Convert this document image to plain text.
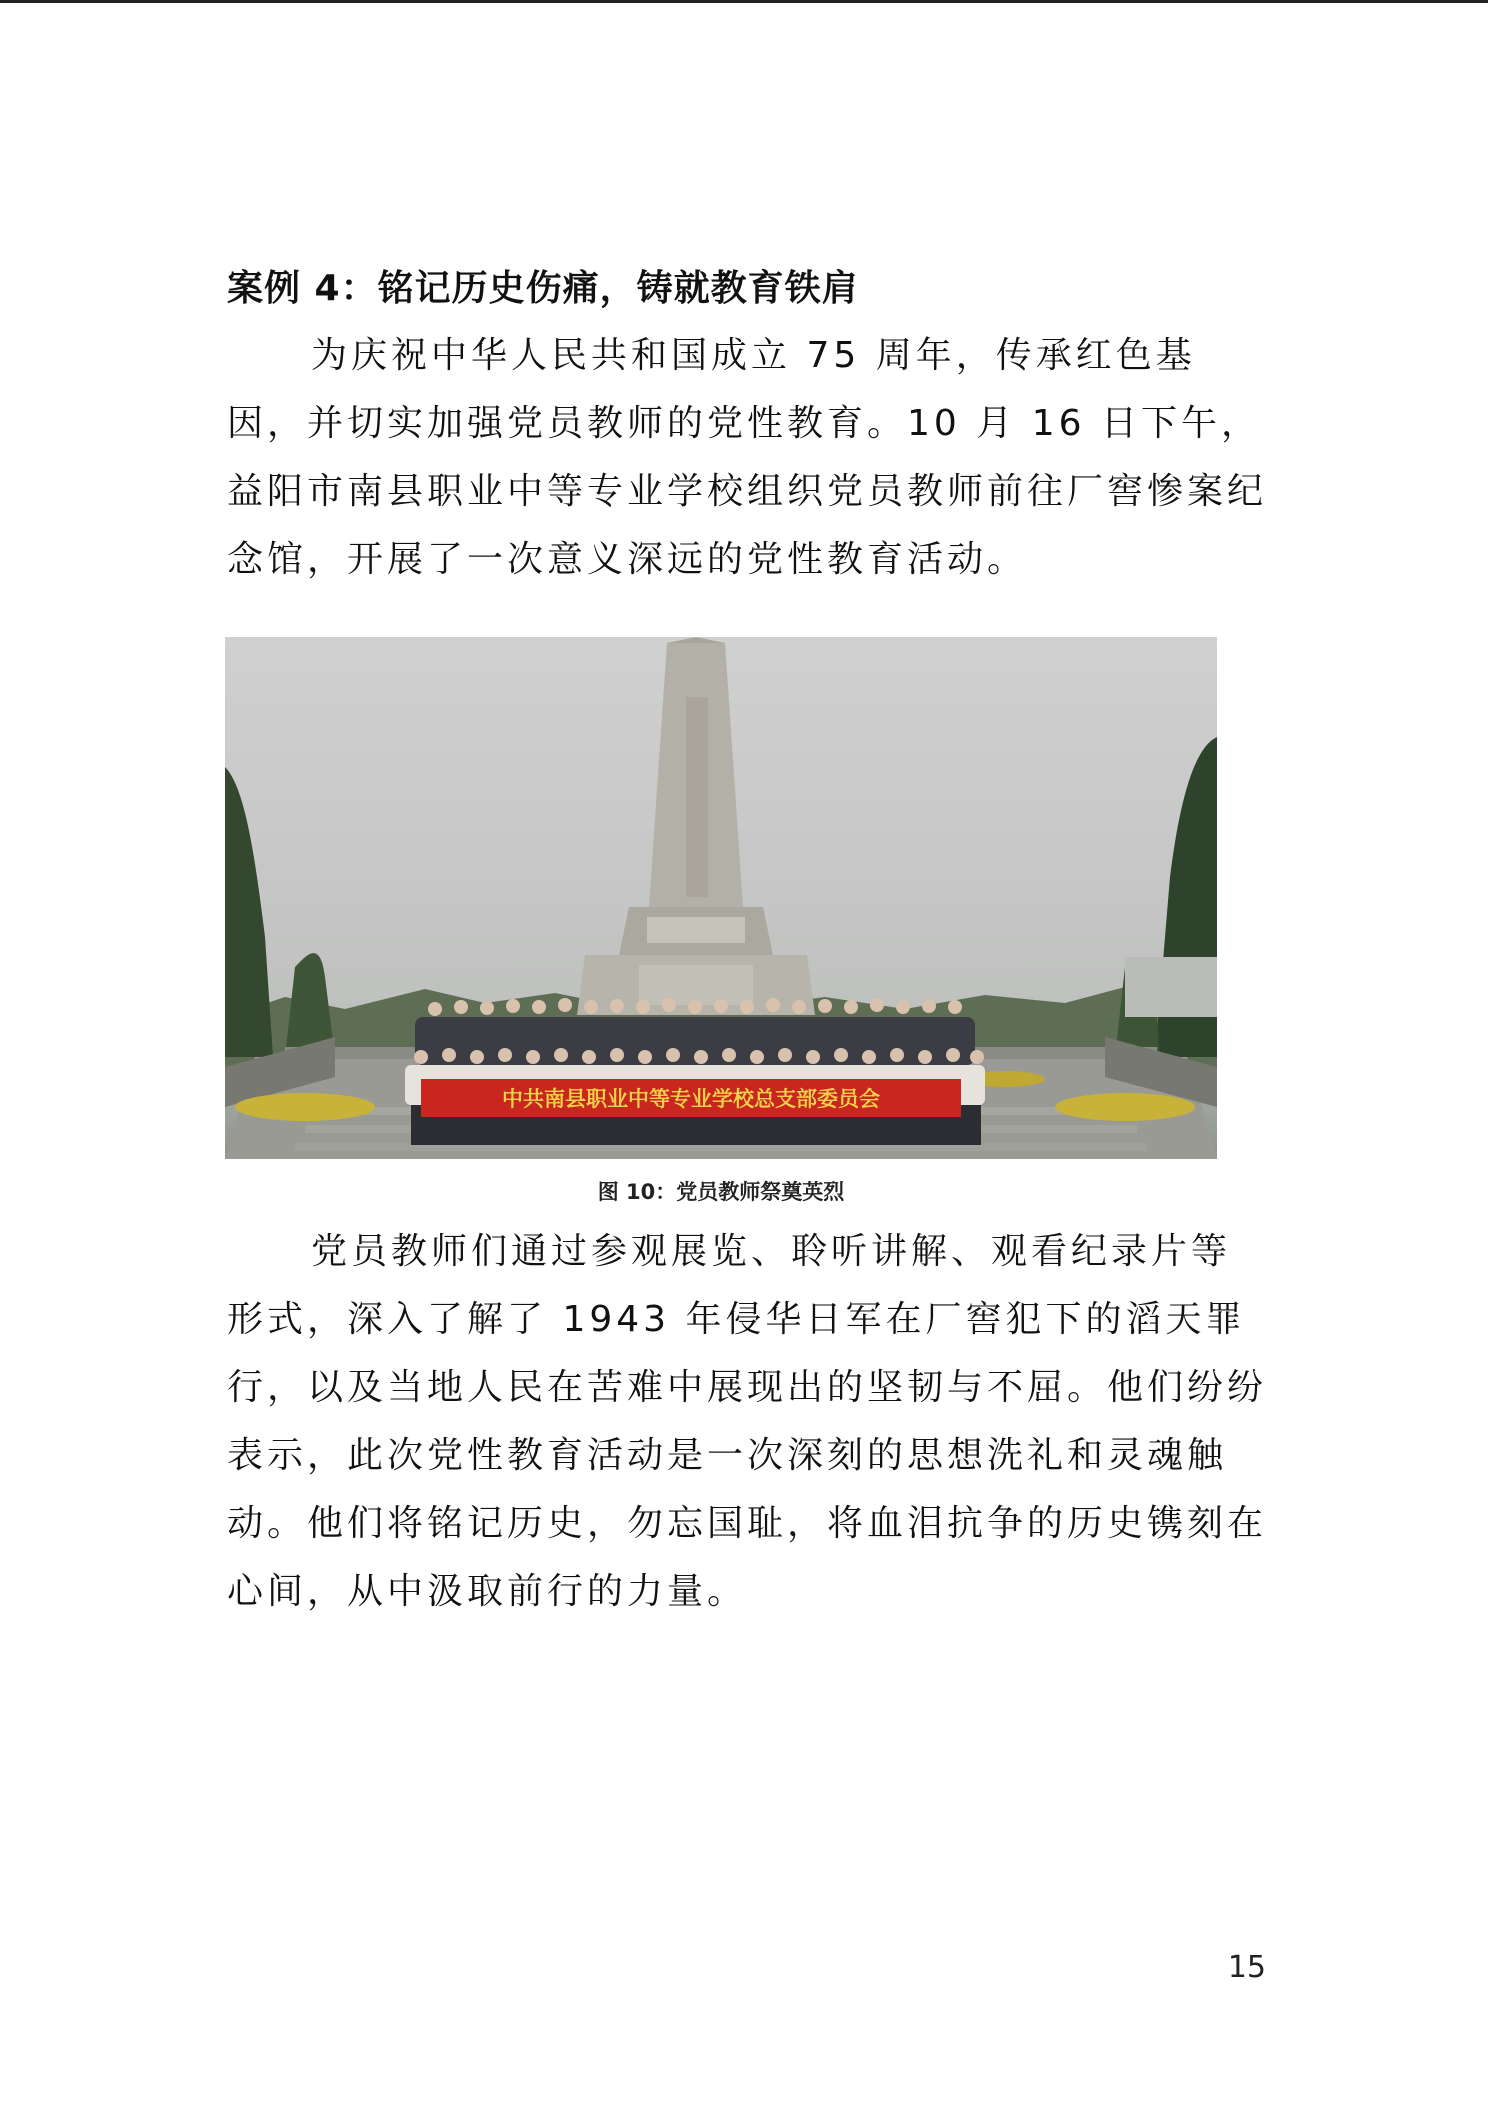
案例 4：铭记历史伤痛，铸就教育铁肩

为庆祝中华人民共和国成立 75 周年，传承红色基因，并切实加强党员教师的党性教育。10 月 16 日下午，益阳市南县职业中等专业学校组织党员教师前往厂窖惨案纪念馆，开展了一次意义深远的党性教育活动。

中共南县职业中等专业学校总支部委员会

图 10：党员教师祭奠英烈

党员教师们通过参观展览、聆听讲解、观看纪录片等形式，深入了解了 1943 年侵华日军在厂窖犯下的滔天罪行，以及当地人民在苦难中展现出的坚韧与不屈。他们纷纷表示，此次党性教育活动是一次深刻的思想洗礼和灵魂触动。他们将铭记历史，勿忘国耻，将血泪抗争的历史镌刻在心间，从中汲取前行的力量。

15
